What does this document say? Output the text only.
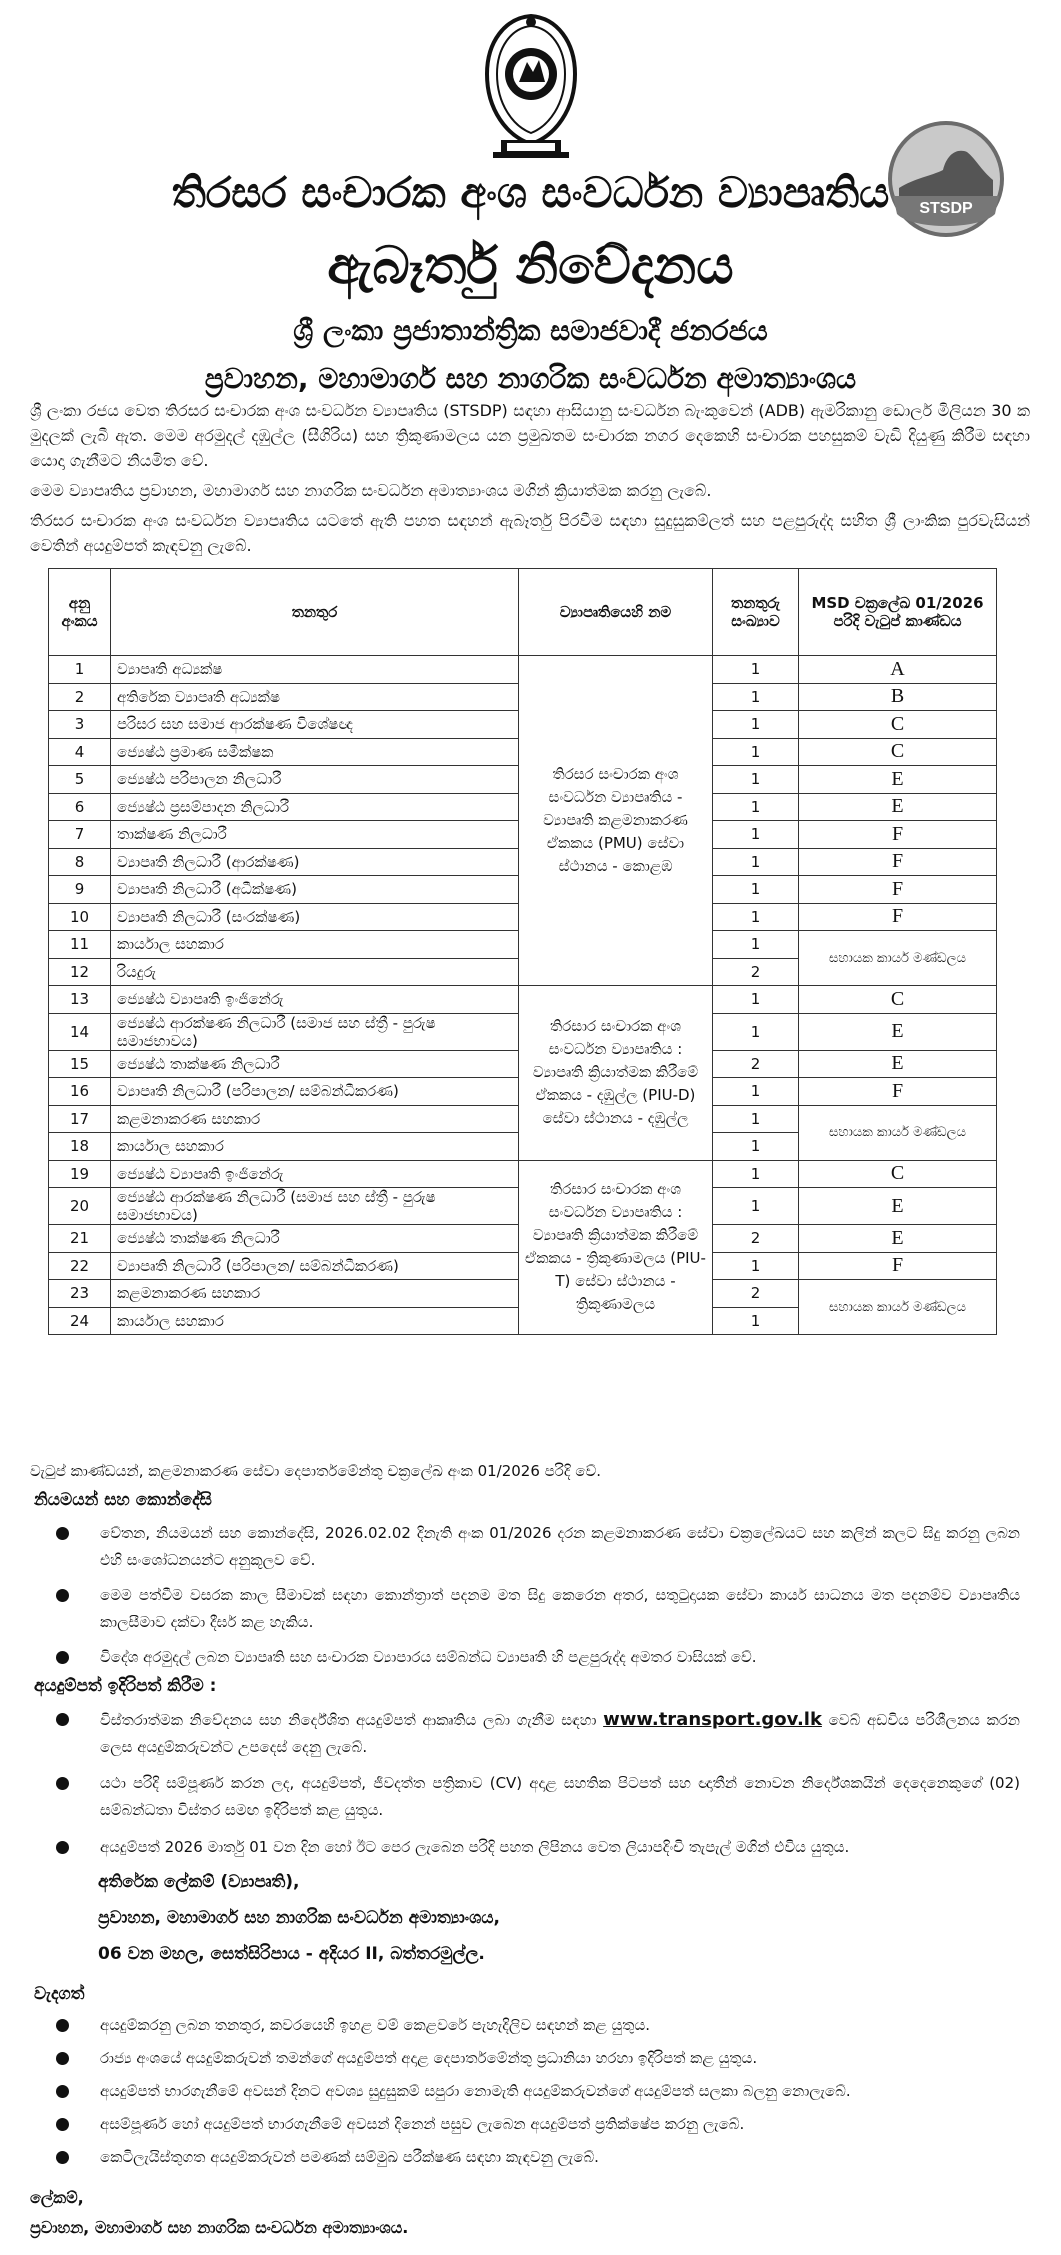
STSDP
තිරසර සංචාරක අංශ සංවර්ධන ව්‍යාපෘතිය
ඇබෑර්තු නිවේදනය
ශ්‍රී ලංකා ප්‍රජාතාන්ත්‍රික සමාජවාදී ජනරජය
ප්‍රවාහන, මහාමාර්ග සහ නාගරික සංවර්ධන අමාත්‍යාංශය
ශ්‍රී ලංකා රජය වෙත තිරසර සංචාරක අංශ සංවර්ධන ව්‍යාපෘතිය (STSDP) සඳහා ආසියානු සංවර්ධන බැංකුවෙන් (ADB) ඇමරිකානු ඩොලර් මිලියන 30 ක මුදලක් ලැබී ඇත. මෙම අරමුදල් දඹුල්ල (සීගිරිය) සහ ත්‍රිකුණාමලය යන ප්‍රමුඛතම සංචාරක නගර දෙකෙහි සංචාරක පහසුකම් වැඩි දියුණු කිරීම සඳහා යොදා ගැනීමට නියමිත වේ.
මෙම ව්‍යාපෘතිය ප්‍රවාහන, මහාමාර්ග සහ නාගරික සංවර්ධන අමාත්‍යාංශය මගින් ක්‍රියාත්මක කරනු ලැබේ.
තිරසර සංචාරක අංශ සංවර්ධන ව්‍යාපෘතිය යටතේ ඇති පහත සඳහන් ඇබෑර්තු පිරවීම සඳහා සුදුසුකම්ලත් සහ පළපුරුද්ද සහිත ශ්‍රී ලාංකික පුරවැසියන් වෙතින් අයදුම්පත් කැඳවනු ලැබේ.
අනු අංකය	තනතුර	ව්‍යාපෘතියෙහි නම	තනතුරු සංඛ්‍යාව	MSD චක්‍රලේඛ 01/2026 පරිදි වැටුප් කාණ්ඩය
1	ව්‍යාපෘති අධ්‍යක්ෂ	තිරසර සංචාරක අංශ සංවර්ධන ව්‍යාපෘතිය - ව්‍යාපෘති කළමනාකරණ ඒකකය (PMU) සේවා ස්ථානය - කොළඹ	1	A
2	අතිරේක ව්‍යාපෘති අධ්‍යක්ෂ		1	B
3	පරිසර සහ සමාජ ආරක්ෂණ විශේෂඥ		1	C
4	ජ්‍යෙෂ්ඨ ප්‍රමාණ සමීක්ෂක		1	C
5	ජ්‍යෙෂ්ඨ පරිපාලන නිලධාරී		1	E
6	ජ්‍යෙෂ්ඨ ප්‍රසම්පාදන නිලධාරී		1	E
7	තාක්ෂණ නිලධාරී		1	F
8	ව්‍යාපෘති නිලධාරී (ආරක්ෂණ)		1	F
9	ව්‍යාපෘති නිලධාරී (අධීක්ෂණ)		1	F
10	ව්‍යාපෘති නිලධාරී (සංරක්ෂණ)		1	F
11	කාර්යාල සහකාර		1	සහායක කාර්ය මණ්ඩලය
12	රියදුරු		2	
13	ජ්‍යෙෂ්ඨ ව්‍යාපෘති ඉංජිනේරු	තිරසාර සංචාරක අංශ සංවර්ධන ව්‍යාපෘතිය : ව්‍යාපෘති ක්‍රියාත්මක කිරීමේ ඒකකය - දඹුල්ල (PIU-D) සේවා ස්ථානය - දඹුල්ල	1	C
14	ජ්‍යෙෂ්ඨ ආරක්ෂණ නිලධාරී (සමාජ සහ ස්ත්‍රී - පුරුෂ සමාජභාවය)		1	E
15	ජ්‍යෙෂ්ඨ තාක්ෂණ නිලධාරී		2	E
16	ව්‍යාපෘති නිලධාරී (පරිපාලන/ සම්බන්ධීකරණ)		1	F
17	කළමනාකරණ සහකාර		1	සහායක කාර්ය මණ්ඩලය
18	කාර්යාල සහකාර		1	
19	ජ්‍යෙෂ්ඨ ව්‍යාපෘති ඉංජිනේරු	තිරසාර සංචාරක අංශ සංවර්ධන ව්‍යාපෘතිය : ව්‍යාපෘති ක්‍රියාත්මක කිරීමේ ඒකකය - ත්‍රිකුණාමලය (PIU-T) සේවා ස්ථානය - ත්‍රිකුණාමලය	1	C
20	ජ්‍යෙෂ්ඨ ආරක්ෂණ නිලධාරී (සමාජ සහ ස්ත්‍රී - පුරුෂ සමාජභාවය)		1	E
21	ජ්‍යෙෂ්ඨ තාක්ෂණ නිලධාරී		2	E
22	ව්‍යාපෘති නිලධාරී (පරිපාලන/ සම්බන්ධීකරණ)		1	F
23	කළමනාකරණ සහකාර		2	සහායක කාර්ය මණ්ඩලය
24	කාර්යාල සහකාර		1	
වැටුප් කාණ්ඩයන්, කළමනාකරණ සේවා දෙපාර්තමේන්තු චක්‍රලේඛ අංක 01/2026 පරිදි වේ.
නියමයන් සහ කොන්දේසි
වේතන, නියමයන් සහ කොන්දේසි, 2026.02.02 දිනැති අංක 01/2026 දරන කළමනාකරණ සේවා චක්‍රලේඛයට සහ කලින් කලට සිදු කරනු ලබන එහි සංශෝධනයන්ට අනුකූලව වේ.
මෙම පත්වීම වසරක කාල සීමාවක් සඳහා කොන්ත්‍රාත් පදනම මත සිදු කෙරෙන අතර, සතුටුදායක සේවා කාර්ය සාධනය මත පදනම්ව ව්‍යාපෘතිය කාලසීමාව දක්වා දීර්ඝ කළ හැකිය.
විදේශ අරමුදල් ලබන ව්‍යාපෘති සහ සංචාරක ව්‍යාපාරය සම්බන්ධ ව්‍යාපෘති හි පළපුරුද්ද අමතර වාසියක් වේ.
අයදුම්පත් ඉදිරිපත් කිරීම :
විස්තරාත්මක නිවේදනය සහ නිර්දේශිත අයදුම්පත් ආකෘතිය ලබා ගැනීම සඳහා www.transport.gov.lk වෙබ් අඩවිය පරිශීලනය කරන ලෙස අයදුම්කරුවන්ට උපදෙස් දෙනු ලැබේ.
යථා පරිදි සම්පූර්ණ කරන ලද, අයදුම්පත්, ජීවදත්ත පත්‍රිකාව (CV) අදාළ සහතික පිටපත් සහ ඥාතීන් නොවන නිර්දේශකයින් දෙදෙනෙකුගේ (02) සම්බන්ධතා විස්තර සමඟ ඉදිරිපත් කළ යුතුය.
අයදුම්පත් 2026 මාර්තු 01 වන දින හෝ ඊට පෙර ලැබෙන පරිදි පහත ලිපිනය වෙත ලියාපදිංචි තැපැල් මගින් එවිය යුතුය.
අතිරේක ලේකම් (ව්‍යාපෘති),
ප්‍රවාහන, මහාමාර්ග සහ නාගරික සංවර්ධන අමාත්‍යාංශය,
06 වන මහල, සෙත්සිරිපාය - අදියර II, බත්තරමුල්ල.
වැදගත්
අයදුම්කරනු ලබන තනතුර, කවරයෙහි ඉහළ වම් කෙළවරේ පැහැදිලිව සඳහන් කළ යුතුය.
රාජ්‍ය අංශයේ අයදුම්කරුවන් තමන්ගේ අයදුම්පත් අදාළ දෙපාර්තමේන්තු ප්‍රධානියා හරහා ඉදිරිපත් කළ යුතුය.
අයදුම්පත් භාරගැනීමේ අවසන් දිනට අවශ්‍ය සුදුසුකම් සපුරා නොමැති අයදුම්කරුවන්ගේ අයදුම්පත් සලකා බලනු නොලැබේ.
අසම්පූර්ණ හෝ අයදුම්පත් භාරගැනීමේ අවසන් දිනෙන් පසුව ලැබෙන අයදුම්පත් ප්‍රතික්ෂේප කරනු ලැබේ.
කෙටිලැයිස්තුගත අයදුම්කරුවන් පමණක් සම්මුඛ පරීක්ෂණ සඳහා කැඳවනු ලැබේ.
ලේකම්,
ප්‍රවාහන, මහාමාර්ග සහ නාගරික සංවර්ධන අමාත්‍යාංශය.
